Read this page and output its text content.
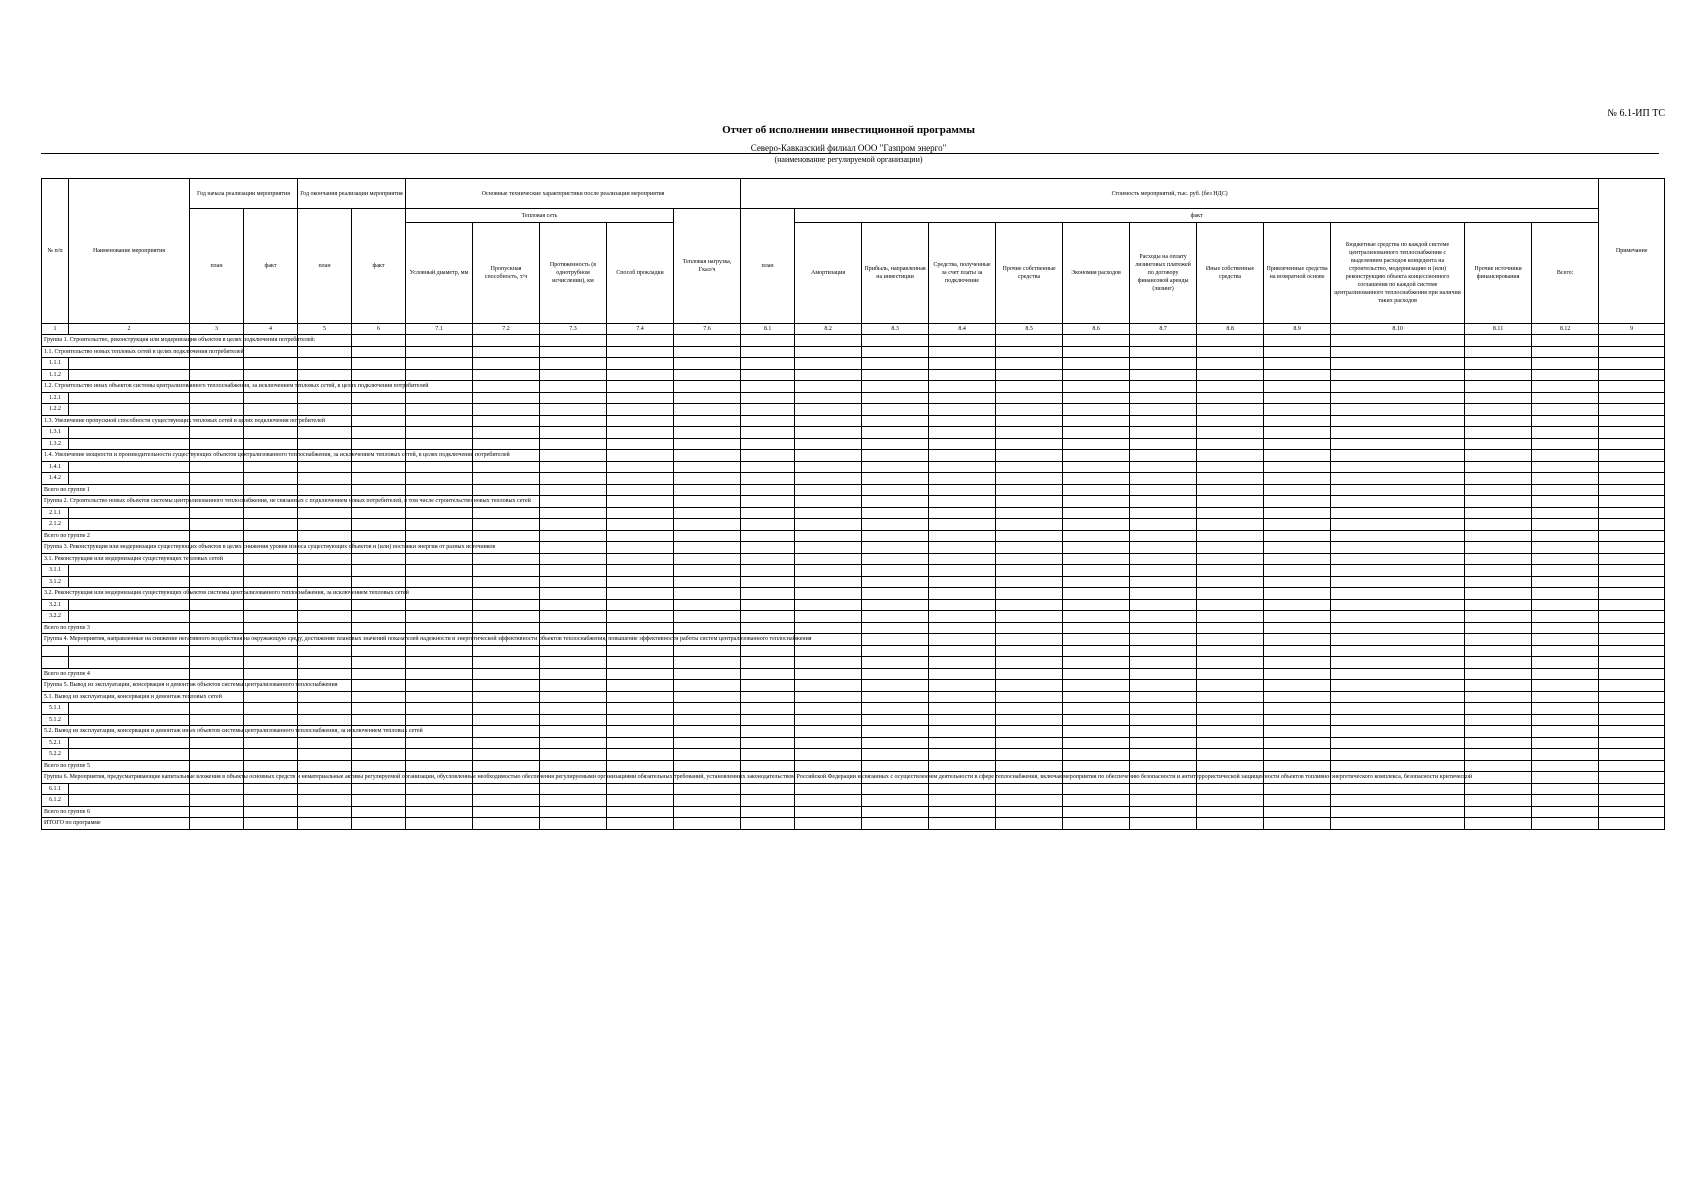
№ 6.1-ИП ТС
Отчет об исполнении инвестиционной программы
Северо-Кавказский филиал ООО "Газпром энерго"
(наименование регулируемой организации)
№ п/п	Наименование мероприятия	Год начала реализации мероприятия		Год окончания реализации мероприятия		Основные технические характеристики после реализации мероприятия					Стоимость мероприятий, тыс. руб. (без НДС)												Примечание
		план	факт	план	факт	Тепловая сеть				Тепловая нагрузка, Гкал/ч	план	факт											
						Условный диаметр, мм	Пропускная способность, т/ч	Протяженность (в однотрубном исчислении), км	Способ прокладки			Амортизация	Прибыль, направленная на инвестиции	Средства, полученные за счет платы за подключение	Прочие собственные средства	Экономия расходов	Расходы на оплату лизинговых платежей по договору финансовой аренды (лизинг)	Иные собственные средства	Привлеченные средства на возвратной основе	Бюджетные средства по каждой системе централизованного теплоснабжения с выделением расходов концедента на строительство, модернизацию и (или) реконструкцию объекта концессионного соглашения по каждой системе централизованного теплоснабжения при наличии таких расходов	Прочие источники финансирования	Всего:	
1	2	3	4	5	6	7.1	7.2	7.3	7.4	7.6	8.1	8.2	8.3	8.4	8.5	8.6	8.7	8.8	8.9	8.10	8.11	8.12	9
Группа 1. Строительство, реконструкция или модернизация объектов в целях подключения потребителей:																							
1.1. Строительство новых тепловых сетей в целях подключения потребителей																							
1.1.1																							
1.1.2																							
1.2. Строительство иных объектов системы централизованного теплоснабжения, за исключением тепловых сетей, в целях подключения потребителей																							
1.2.1																							
1.2.2																							
1.3. Увеличение пропускной способности существующих тепловых сетей в целях подключения потребителей																							
1.3.1																							
1.3.2																							
1.4. Увеличение мощности и производительности существующих объектов централизованного теплоснабжения, за исключением тепловых сетей, в целях подключения потребителей																							
1.4.1																							
1.4.2																							
Всего по группе 1																							
Группа 2. Строительство новых объектов системы централизованного теплоснабжения, не связанных с подключением новых потребителей, в том числе строительство новых тепловых сетей																							
2.1.1																							
2.1.2																							
Всего по группе 2																							
Группа 3. Реконструкция или модернизация существующих объектов в целях снижения уровня износа существующих объектов и (или) поставки энергии от разных источников																							
3.1. Реконструкция или модернизация существующих тепловых сетей																							
3.1.1																							
3.1.2																							
3.2. Реконструкция или модернизация существующих объектов системы централизованного теплоснабжения, за исключением тепловых сетей																							
3.2.1																							
3.2.2																							
Всего по группе 3																							
Группа 4. Мероприятия, направленные на снижение негативного воздействия на окружающую среду, достижение плановых значений показателей надежности и энергетической эффективности объектов теплоснабжения, повышение эффективности работы систем централизованного теплоснабжения																							

Всего по группе 4																							
Группа 5. Вывод из эксплуатации, консервация и демонтаж объектов системы централизованного теплоснабжения																							
5.1. Вывод из эксплуатации, консервация и демонтаж тепловых сетей																							
5.1.1																							
5.1.2																							
5.2. Вывод из эксплуатации, консервация и демонтаж иных объектов системы централизованного теплоснабжения, за исключением тепловых сетей																							
5.2.1																							
5.2.2																							
Всего по группе 5																							
Группа 6. Мероприятия, предусматривающие капитальные вложения в объекты основных средств и нематериальные активы регулируемой организации, обусловленные необходимостью обеспечения регулируемыми организациями обязательных требований, установленных законодательством Российской Федерации и связанных с осуществлением деятельности в сфере теплоснабжения, включая мероприятия по обеспечению безопасности и антитеррористической защищенности объектов топливно-энергетического комплекса, безопасности критической																							
6.1.1																							
6.1.2																							
Всего по группе 6																							
ИТОГО по программе																							
